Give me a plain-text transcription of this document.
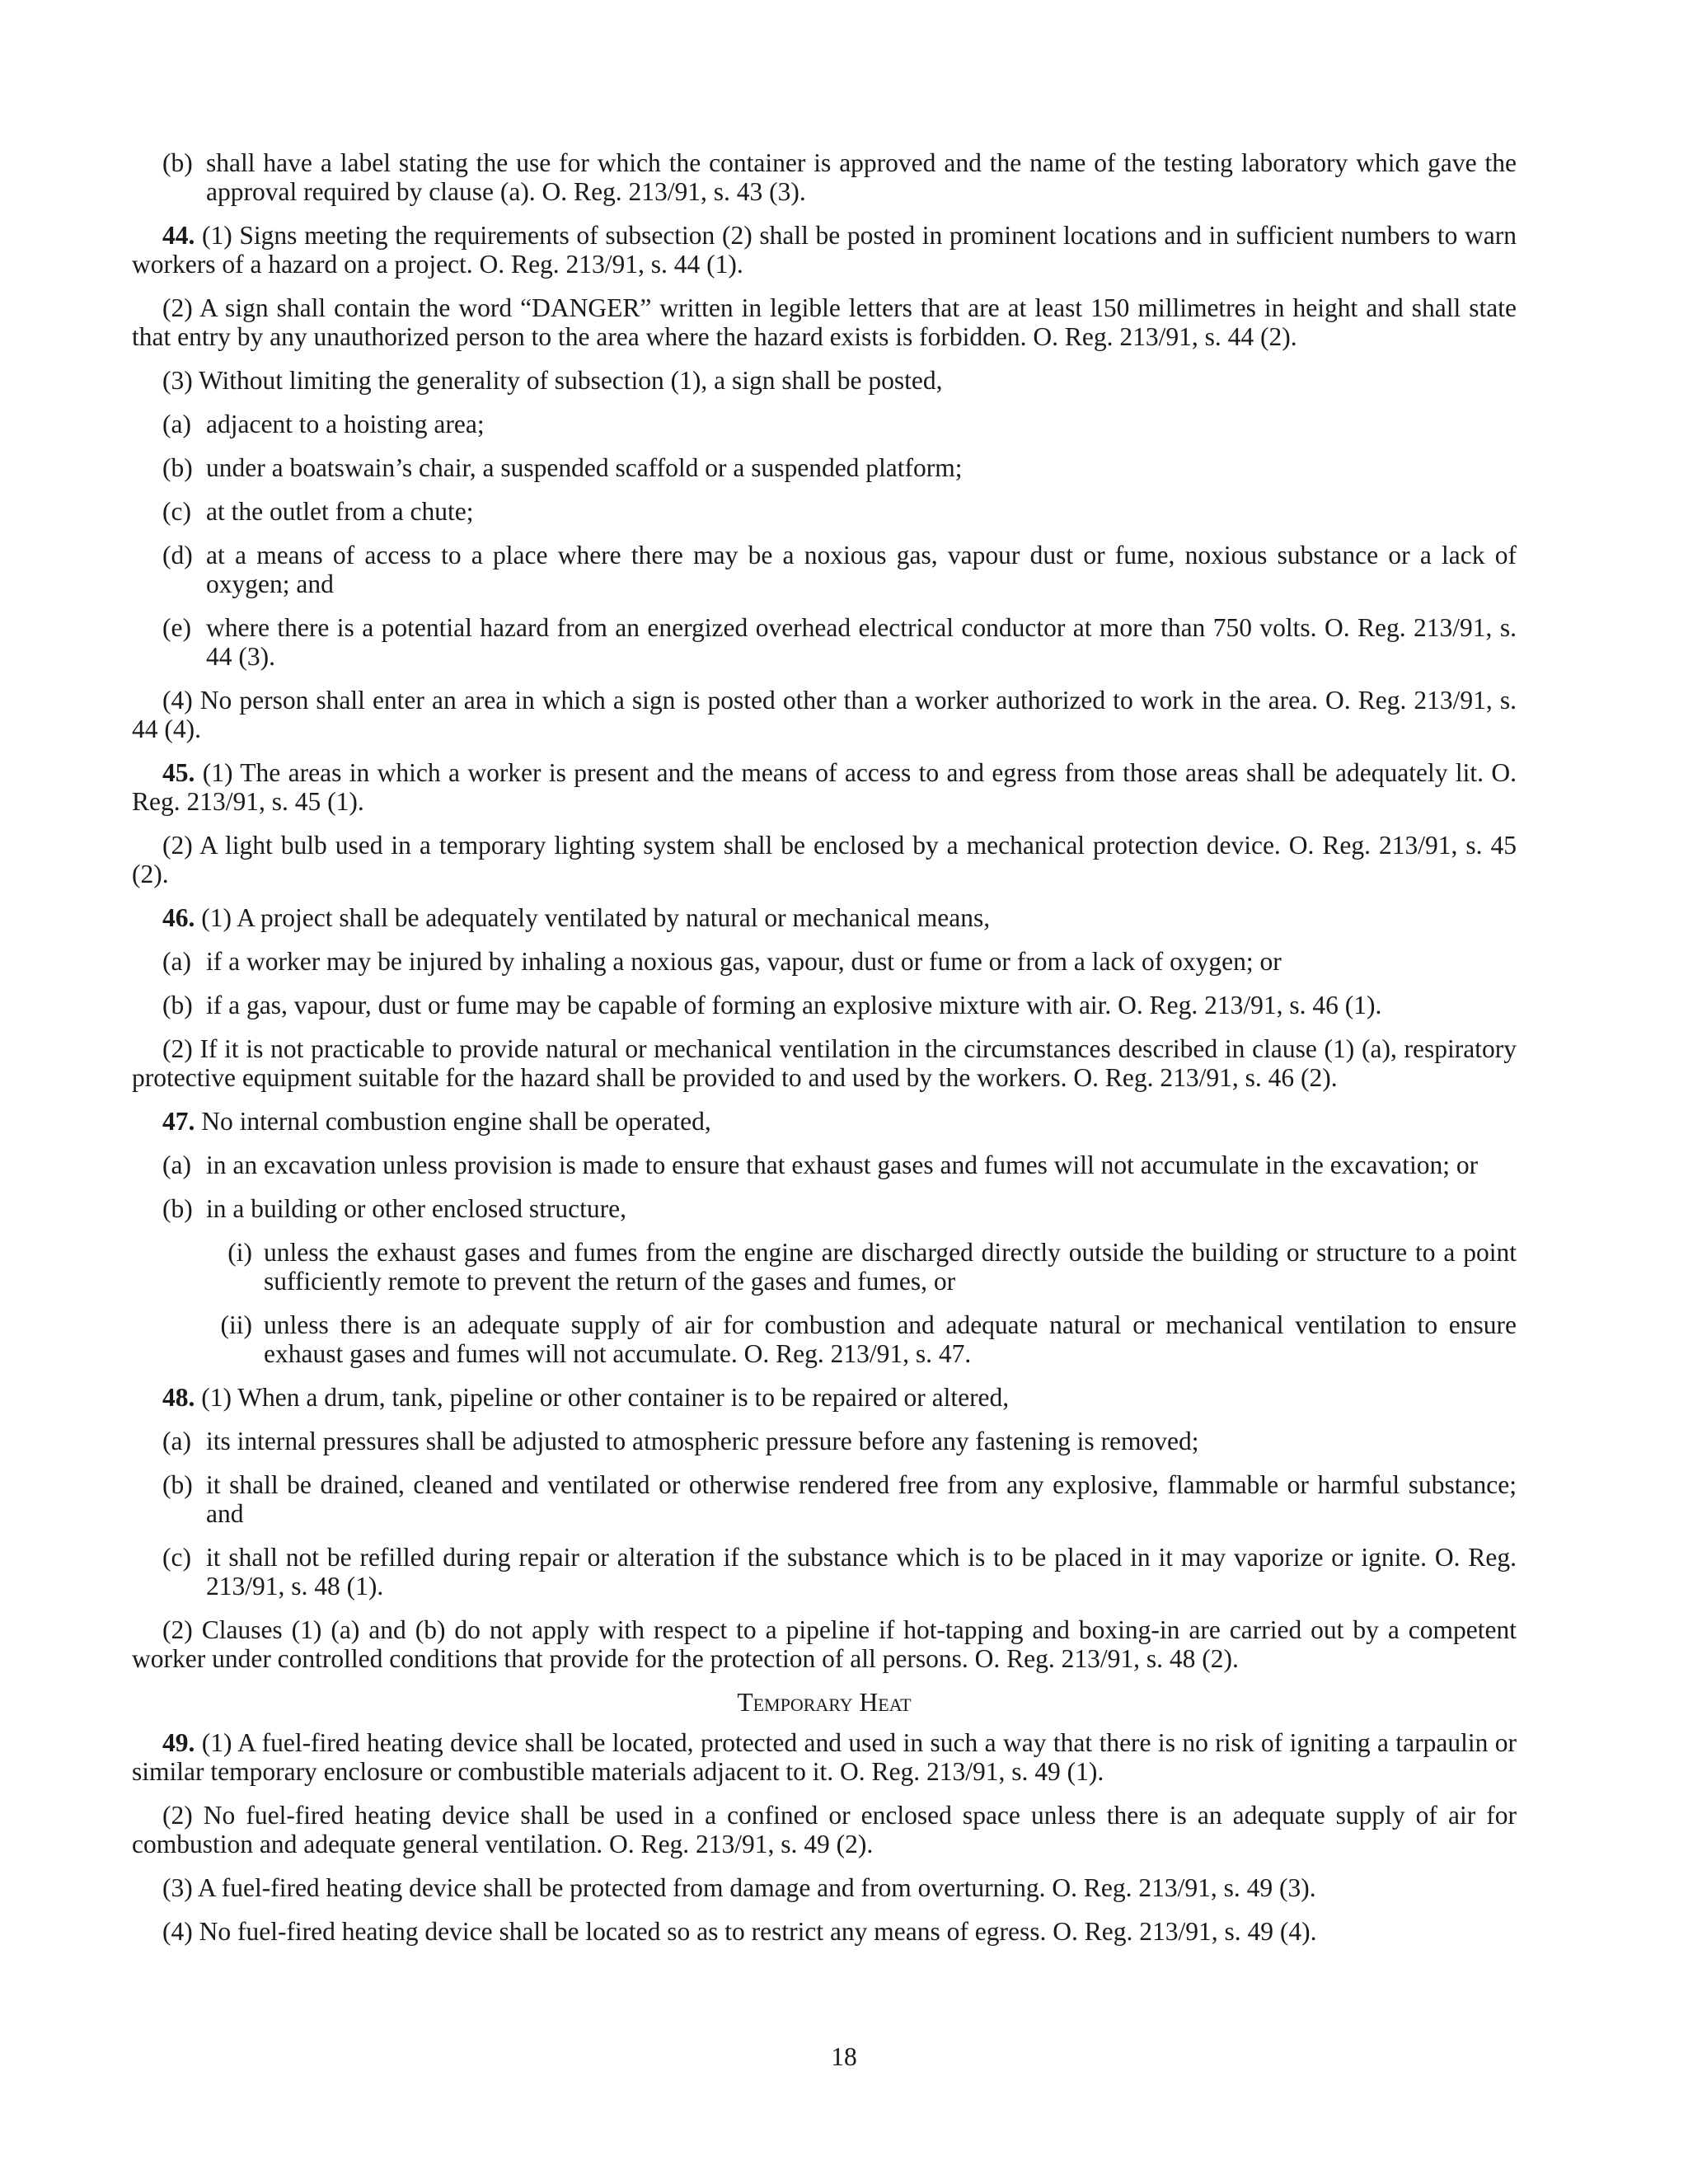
(b) shall have a label stating the use for which the container is approved and the name of the testing laboratory which gave the approval required by clause (a). O. Reg. 213/91, s. 43 (3).

44. (1) Signs meeting the requirements of subsection (2) shall be posted in prominent locations and in sufficient numbers to warn workers of a hazard on a project. O. Reg. 213/91, s. 44 (1).

(2) A sign shall contain the word “DANGER” written in legible letters that are at least 150 millimetres in height and shall state that entry by any unauthorized person to the area where the hazard exists is forbidden. O. Reg. 213/91, s. 44 (2).

(3) Without limiting the generality of subsection (1), a sign shall be posted,

(a) adjacent to a hoisting area;
(b) under a boatswain’s chair, a suspended scaffold or a suspended platform;
(c) at the outlet from a chute;
(d) at a means of access to a place where there may be a noxious gas, vapour dust or fume, noxious substance or a lack of oxygen; and
(e) where there is a potential hazard from an energized overhead electrical conductor at more than 750 volts. O. Reg. 213/91, s. 44 (3).

(4) No person shall enter an area in which a sign is posted other than a worker authorized to work in the area. O. Reg. 213/91, s. 44 (4).

45. (1) The areas in which a worker is present and the means of access to and egress from those areas shall be adequately lit. O. Reg. 213/91, s. 45 (1).

(2) A light bulb used in a temporary lighting system shall be enclosed by a mechanical protection device. O. Reg. 213/91, s. 45 (2).

46. (1) A project shall be adequately ventilated by natural or mechanical means,

(a) if a worker may be injured by inhaling a noxious gas, vapour, dust or fume or from a lack of oxygen; or
(b) if a gas, vapour, dust or fume may be capable of forming an explosive mixture with air. O. Reg. 213/91, s. 46 (1).

(2) If it is not practicable to provide natural or mechanical ventilation in the circumstances described in clause (1) (a), respiratory protective equipment suitable for the hazard shall be provided to and used by the workers. O. Reg. 213/91, s. 46 (2).

47. No internal combustion engine shall be operated,

(a) in an excavation unless provision is made to ensure that exhaust gases and fumes will not accumulate in the excavation; or
(b) in a building or other enclosed structure,
(i) unless the exhaust gases and fumes from the engine are discharged directly outside the building or structure to a point sufficiently remote to prevent the return of the gases and fumes, or
(ii) unless there is an adequate supply of air for combustion and adequate natural or mechanical ventilation to ensure exhaust gases and fumes will not accumulate. O. Reg. 213/91, s. 47.

48. (1) When a drum, tank, pipeline or other container is to be repaired or altered,

(a) its internal pressures shall be adjusted to atmospheric pressure before any fastening is removed;
(b) it shall be drained, cleaned and ventilated or otherwise rendered free from any explosive, flammable or harmful substance; and
(c) it shall not be refilled during repair or alteration if the substance which is to be placed in it may vaporize or ignite. O. Reg. 213/91, s. 48 (1).

(2) Clauses (1) (a) and (b) do not apply with respect to a pipeline if hot-tapping and boxing-in are carried out by a competent worker under controlled conditions that provide for the protection of all persons. O. Reg. 213/91, s. 48 (2).

Temporary Heat

49. (1) A fuel-fired heating device shall be located, protected and used in such a way that there is no risk of igniting a tarpaulin or similar temporary enclosure or combustible materials adjacent to it. O. Reg. 213/91, s. 49 (1).

(2) No fuel-fired heating device shall be used in a confined or enclosed space unless there is an adequate supply of air for combustion and adequate general ventilation. O. Reg. 213/91, s. 49 (2).

(3) A fuel-fired heating device shall be protected from damage and from overturning. O. Reg. 213/91, s. 49 (3).

(4) No fuel-fired heating device shall be located so as to restrict any means of egress. O. Reg. 213/91, s. 49 (4).

18
